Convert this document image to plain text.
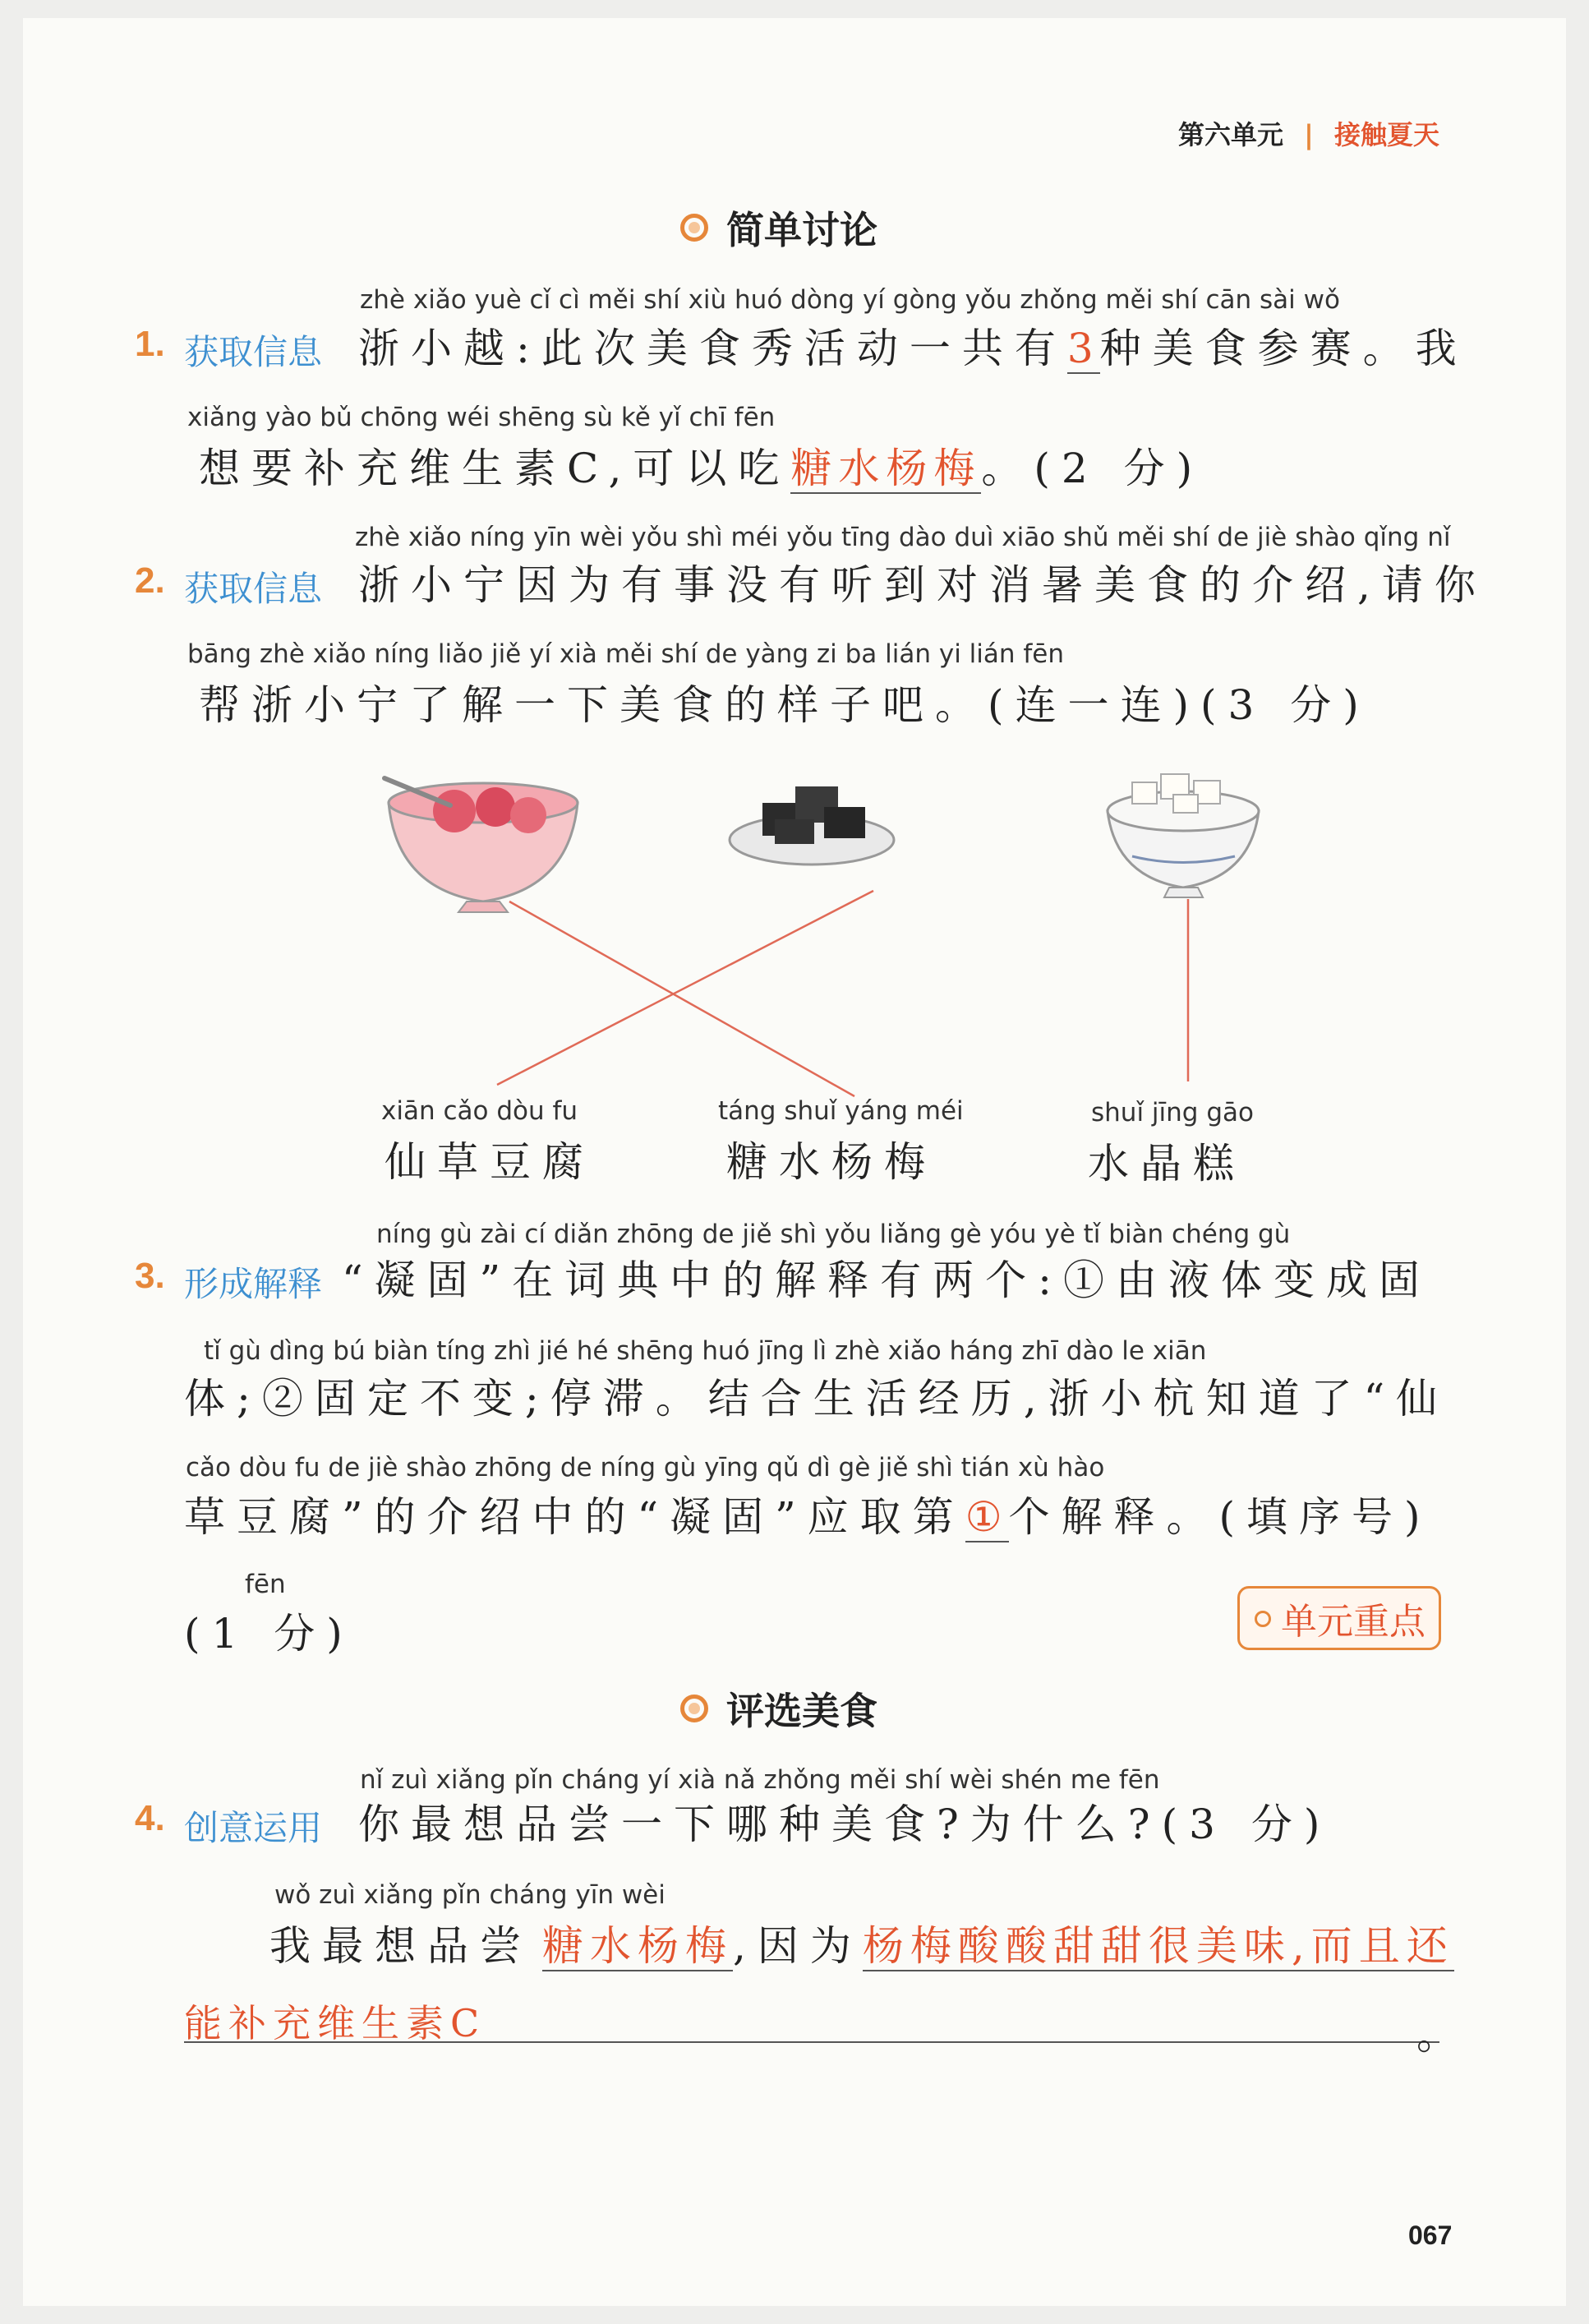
第六单元 | 接触夏天
简单讨论
zhè xiǎo yuè cǐ cì měi shí xiù huó dòng yí gòng yǒu zhǒng měi shí cān sài wǒ
1. 获取信息 浙小越:此次美食秀活动一共有3种美食参赛。我
xiǎng yào bǔ chōng wéi shēng sù kě yǐ chī fēn
想要补充维生素C,可以吃糖水杨梅。(2 分)
zhè xiǎo níng yīn wèi yǒu shì méi yǒu tīng dào duì xiāo shǔ měi shí de jiè shào qǐng nǐ
2. 获取信息 浙小宁因为有事没有听到对消暑美食的介绍,请你
bāng zhè xiǎo níng liǎo jiě yí xià měi shí de yàng zi ba lián yi lián fēn
帮浙小宁了解一下美食的样子吧。(连一连)(3 分)
xiān cǎo dòu fu
仙草豆腐
táng shuǐ yáng méi
糖水杨梅
shuǐ jīng gāo
水晶糕
níng gù zài cí diǎn zhōng de jiě shì yǒu liǎng gè yóu yè tǐ biàn chéng gù
3. 形成解释 “凝固”在词典中的解释有两个:①由液体变成固
tǐ gù dìng bú biàn tíng zhì jié hé shēng huó jīng lì zhè xiǎo háng zhī dào le xiān
体;②固定不变;停滞。结合生活经历,浙小杭知道了“仙
cǎo dòu fu de jiè shào zhōng de níng gù yīng qǔ dì gè jiě shì tián xù hào
草豆腐”的介绍中的“凝固”应取第①个解释。(填序号)
fēn
(1 分)	单元重点
评选美食
nǐ zuì xiǎng pǐn cháng yí xià nǎ zhǒng měi shí wèi shén me fēn
4. 创意运用 你最想品尝一下哪种美食?为什么?(3 分)
wǒ zuì xiǎng pǐn cháng yīn wèi
我最想品尝 糖水杨梅,因为杨梅酸酸甜甜很美味,而且还
能补充维生素C	。
067
